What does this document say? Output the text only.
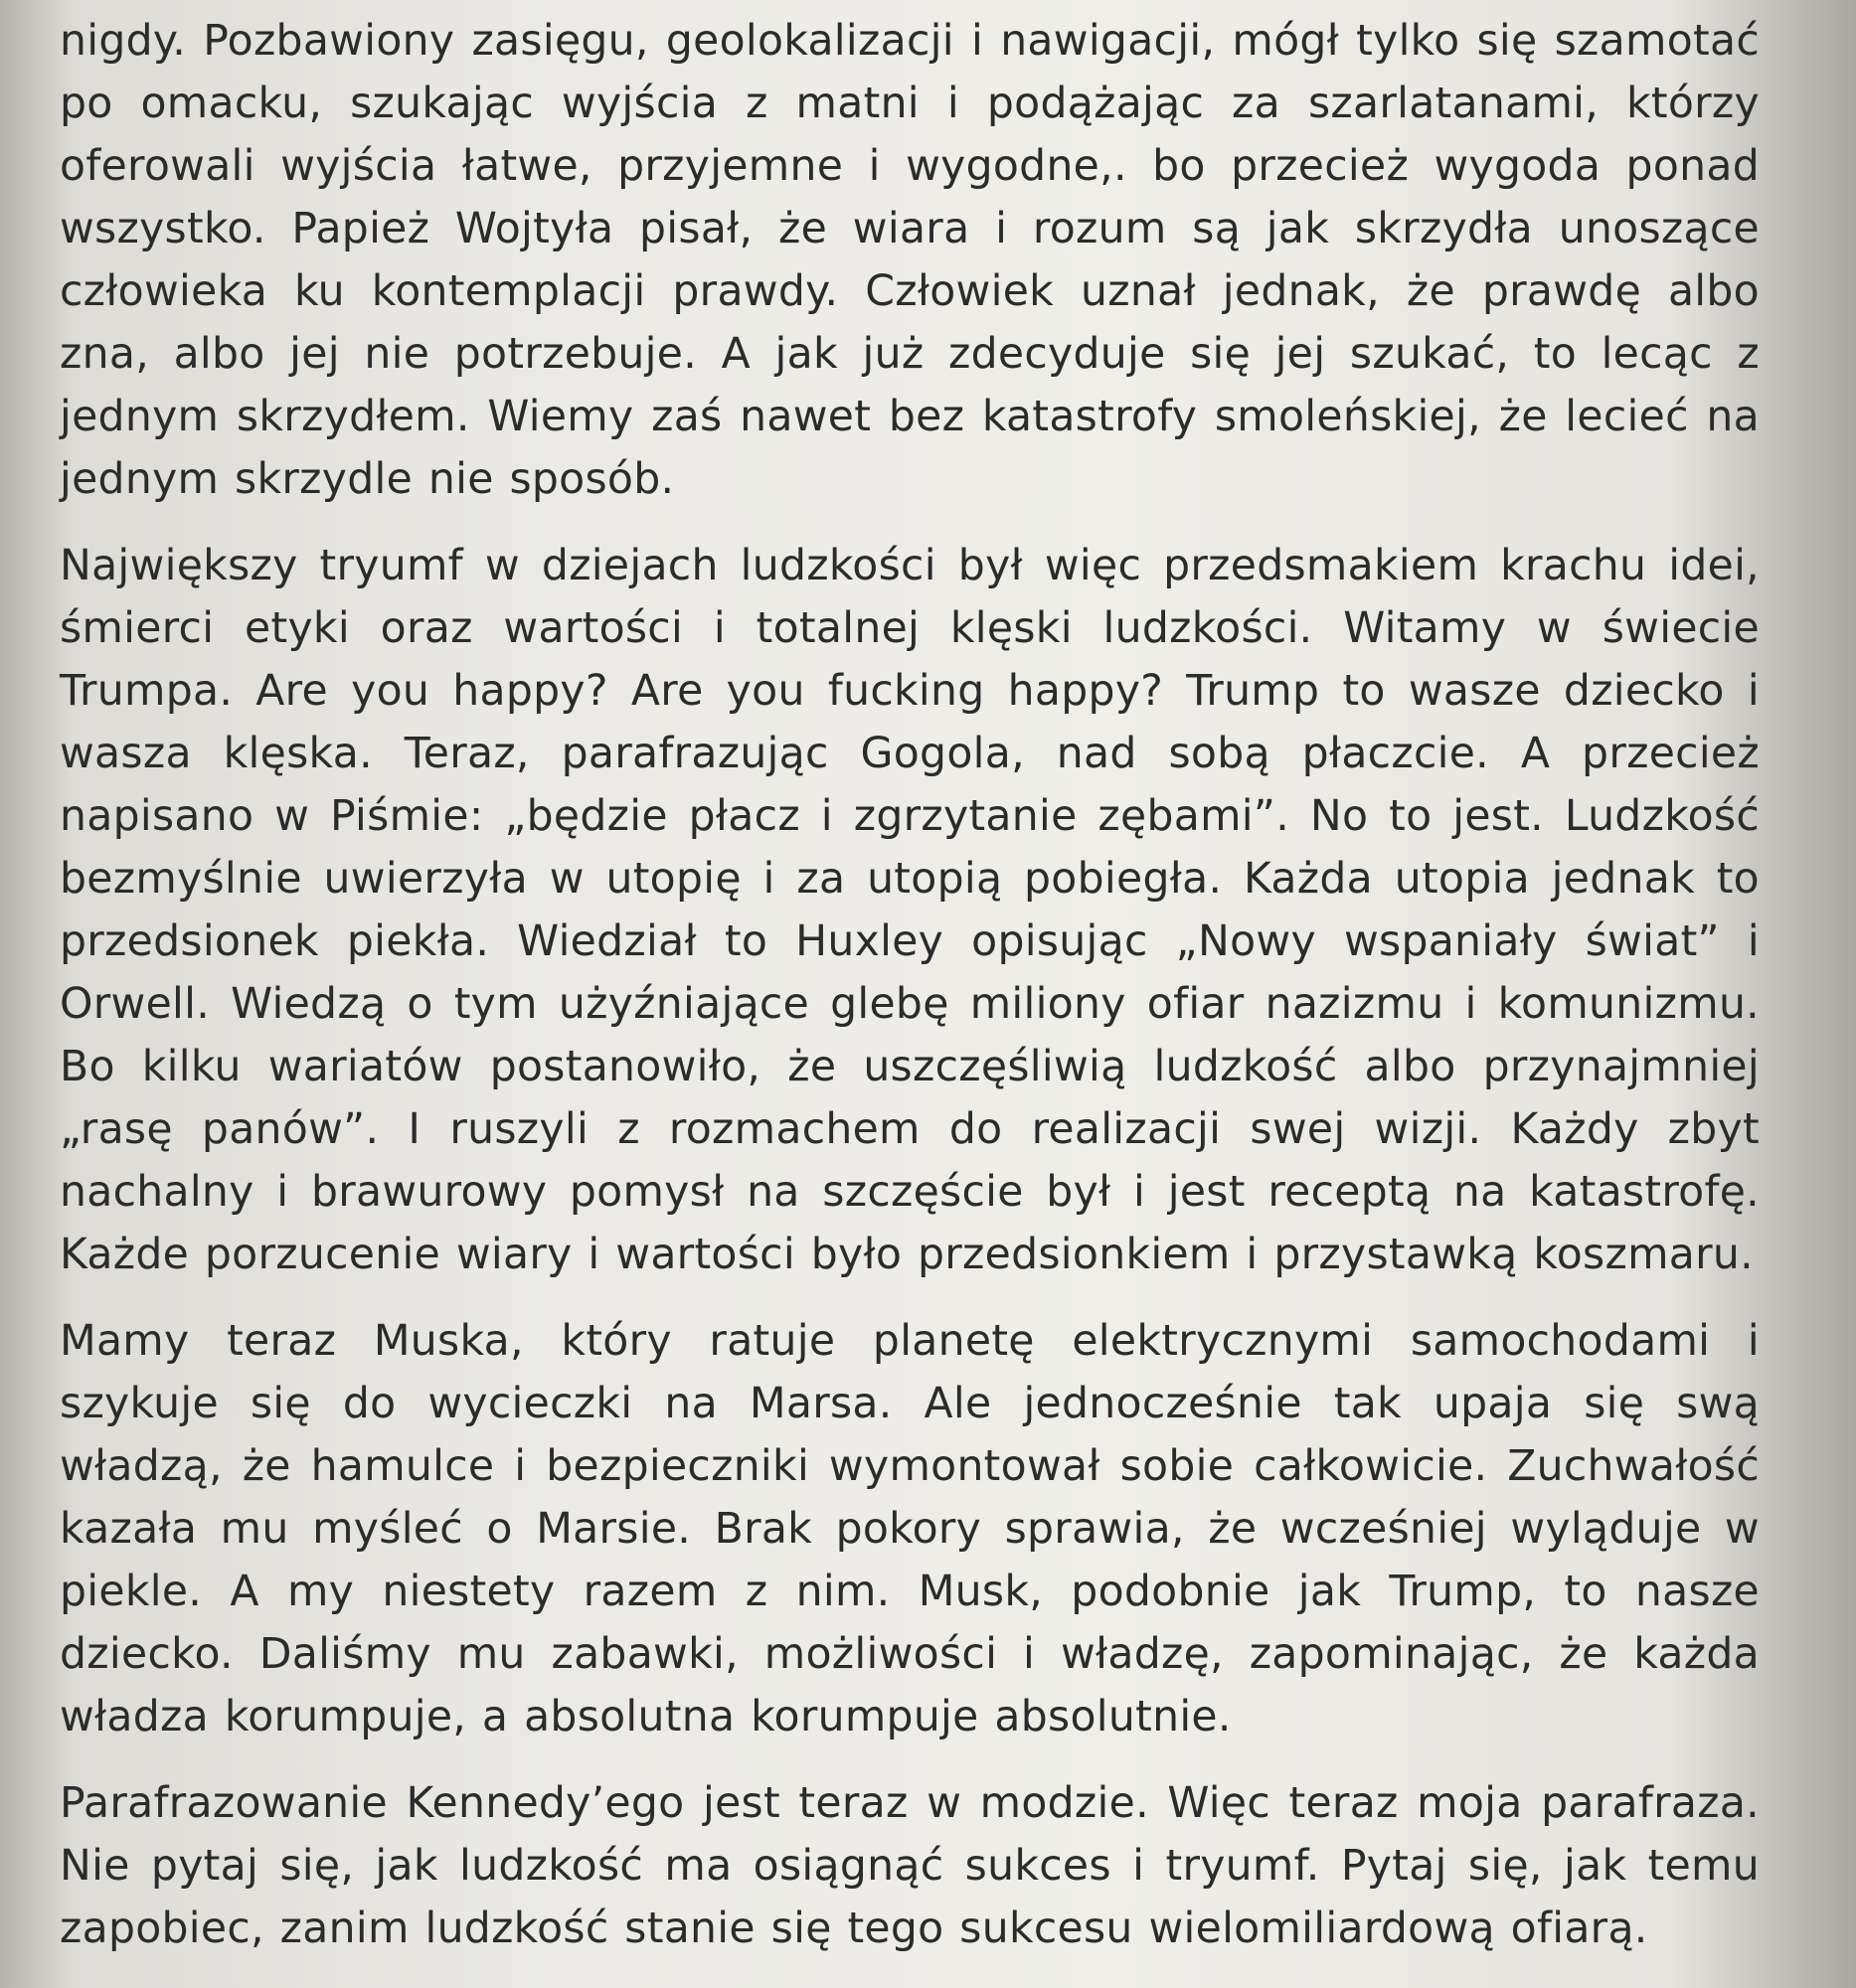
nigdy. Pozbawiony zasięgu, geolokalizacji i nawigacji, mógł tylko się szamotać po omacku, szukając wyjścia z matni i podążając za szarlatanami, którzy oferowali wyjścia łatwe, przyjemne i wygodne,. bo przecież wygoda ponad wszystko. Papież Wojtyła pisał, że wiara i rozum są jak skrzydła unoszące człowieka ku kontemplacji prawdy. Człowiek uznał jednak, że prawdę albo zna, albo jej nie potrzebuje. A jak już zdecyduje się jej szukać, to lecąc z jednym skrzydłem. Wiemy zaś nawet bez katastrofy smoleńskiej, że lecieć na jednym skrzydle nie sposób.

Największy tryumf w dziejach ludzkości był więc przedsmakiem krachu idei, śmierci etyki oraz wartości i totalnej klęski ludzkości. Witamy w świecie Trumpa. Are you happy? Are you fucking happy? Trump to wasze dziecko i wasza klęska. Teraz, parafrazując Gogola, nad sobą płaczcie. A przecież napisano w Piśmie: „będzie płacz i zgrzytanie zębami”. No to jest. Ludzkość bezmyślnie uwierzyła w utopię i za utopią pobiegła. Każda utopia jednak to przedsionek piekła. Wiedział to Huxley opisując „Nowy wspaniały świat” i Orwell. Wiedzą o tym użyźniające glebę miliony ofiar nazizmu i komunizmu. Bo kilku wariatów postanowiło, że uszczęśliwią ludzkość albo przynajmniej „rasę panów”. I ruszyli z rozmachem do realizacji swej wizji. Każdy zbyt nachalny i brawurowy pomysł na szczęście był i jest receptą na katastrofę. Każde porzucenie wiary i wartości było przedsionkiem i przystawką koszmaru.

Mamy teraz Muska, który ratuje planetę elektrycznymi samochodami i szykuje się do wycieczki na Marsa. Ale jednocześnie tak upaja się swą władzą, że hamulce i bezpieczniki wymontował sobie całkowicie. Zuchwałość kazała mu myśleć o Marsie. Brak pokory sprawia, że wcześniej wyląduje w piekle. A my niestety razem z nim. Musk, podobnie jak Trump, to nasze dziecko. Daliśmy mu zabawki, możliwości i władzę, zapominając, że każda władza korumpuje, a absolutna korumpuje absolutnie.

Parafrazowanie Kennedy’ego jest teraz w modzie. Więc teraz moja parafraza. Nie pytaj się, jak ludzkość ma osiągnąć sukces i tryumf. Pytaj się, jak temu zapobiec, zanim ludzkość stanie się tego sukcesu wielomiliardową ofiarą.
